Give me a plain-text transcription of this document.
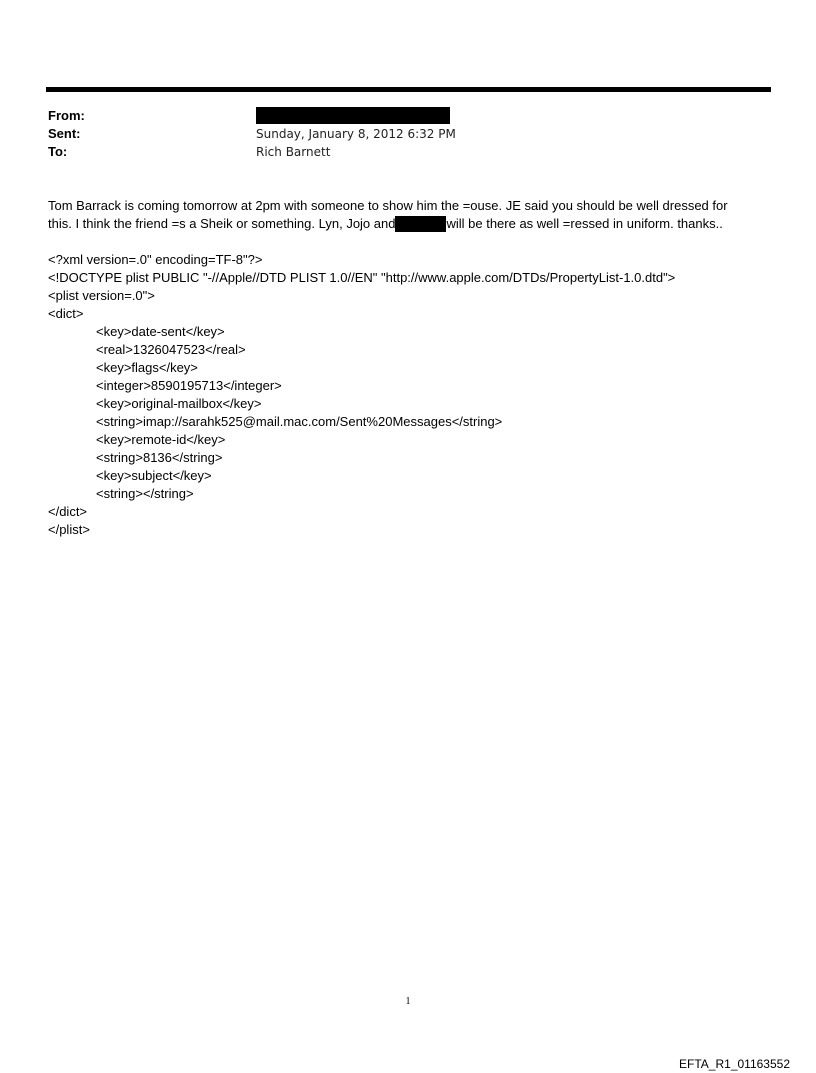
From:
Sent:	Sunday, January 8, 2012 6:32 PM
To:	Rich Barnett
Tom Barrack is coming tomorrow at 2pm with someone to show him the =ouse. JE said you should be well dressed for
this. I think the friend =s a Sheik or something. Lyn, Jojo and	will be there as well =ressed in uniform. thanks..
<?xml version=.0" encoding=TF-8"?>
<!DOCTYPE plist PUBLIC "-//Apple//DTD PLIST 1.0//EN" "http://www.apple.com/DTDs/PropertyList-1.0.dtd">
<plist version=.0">
<dict>
<key>date-sent</key>
<real>1326047523</real>
<key>flags</key>
<integer>8590195713</integer>
<key>original-mailbox</key>
<string>imap://sarahk525@mail.mac.com/Sent%20Messages</string>
<key>remote-id</key>
<string>8136</string>
<key>subject</key>
<string></string>
</dict>
</plist>
1
EFTA_R1_01163552
